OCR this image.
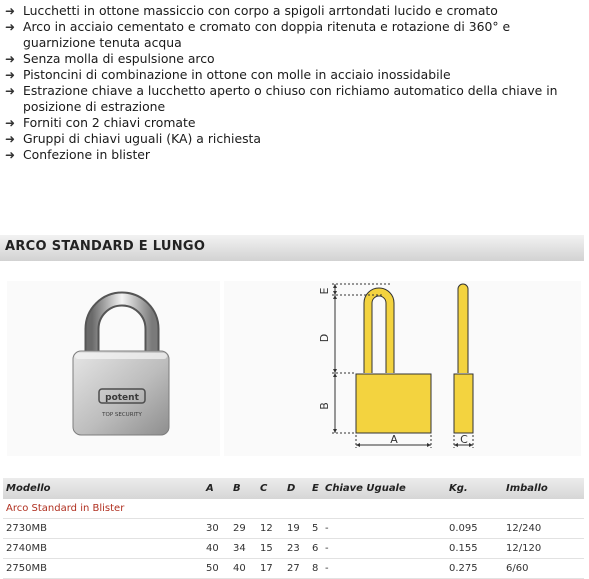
➜ Lucchetti in ottone massiccio con corpo a spigoli arrtondati lucido e cromato
➜ Arco in acciaio cementato e cromato con doppia ritenuta e rotazione di 360° e guarnizione tenuta acqua
➜ Senza molla di espulsione arco
➜ Pistoncini di combinazione in ottone con molle in acciaio inossidabile
➜ Estrazione chiave a lucchetto aperto o chiuso con richiamo automatico della chiave in posizione di estrazione
➜ Forniti con 2 chiavi cromate
➜ Gruppi di chiavi uguali (KA) a richiesta
➜ Confezione in blister
ARCO STANDARD E LUNGO
potent
TOP SECURITY
E
D
B
A	C
Modello	A	B	C	D	E	Chiave Uguale	Kg.	Imballo
Arco Standard in Blister								
2730MB	30	29	12	19	5	-	0.095	12/240
2740MB	40	34	15	23	6	-	0.155	12/120
2750MB	50	40	17	27	8	-	0.275	6/60
